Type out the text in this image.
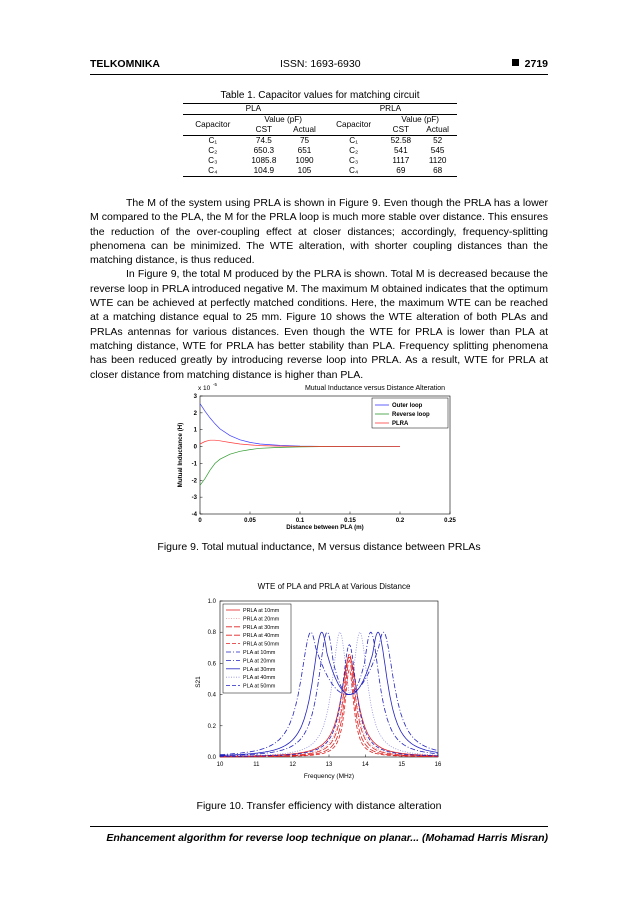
TELKOMNIKA	ISSN: 1693-6930	2719
Table 1. Capacitor values for matching circuit
PLA			PRLA		
Capacitor	Value (pF)		Capacitor	Value (pF)	
	CST	Actual		CST	Actual
C₁	74.5	75	C₁	52.58	52
C₂	650.3	651	C₂	541	545
C₃	1085.8	1090	C₃	1117	1120
C₄	104.9	105	C₄	69	68

The M of the system using PRLA is shown in Figure 9. Even though the PRLA has a lower M compared to the PLA, the M for the PRLA loop is much more stable over distance. This ensures the reduction of the over-coupling effect at closer distances; accordingly, frequency-splitting phenomena can be minimized. The WTE alteration, with shorter coupling distances than the matching distance, is thus reduced.

In Figure 9, the total M produced by the PLRA is shown. Total M is decreased because the reverse loop in PRLA introduced negative M. The maximum M obtained indicates that the optimum WTE can be achieved at perfectly matched conditions. Here, the maximum WTE can be reached at a matching distance equal to 25 mm. Figure 10 shows the WTE alteration of both PLAs and PRLAs antennas for various distances. Even though the WTE for PRLA is lower than PLA at matching distance, WTE for PRLA has better stability than PLA. Frequency splitting phenomena has been reduced greatly by introducing reverse loop into PRLA. As a result, WTE for PRLA at closer distance from matching distance is higher than PLA.

Mutual Inductance versus Distance Alteration
x 10
-5
0	0.05	0.1	0.15	0.2	0.25
-4
-3
-2
-1
0
1
2
3
Distance between PLA (m)
Mutual Inductance (H)
Outer loop
Reverse loop
PLRA
Figure 9. Total mutual inductance, M versus distance between PRLAs
WTE of PLA and PRLA at Various Distance
10	11	12	13	14	15	16
0.0
0.2
0.4
0.6
0.8
1.0
Frequency (MHz)
S21
PRLA at 10mm
PRLA at 20mm
PRLA at 30mm
PRLA at 40mm
PRLA at 50mm
PLA at 10mm
PLA at 20mm
PLA at 30mm
PLA at 40mm
PLA at 50mm
Figure 10. Transfer efficiency with distance alteration
Enhancement algorithm for reverse loop technique on planar... (Mohamad Harris Misran)
